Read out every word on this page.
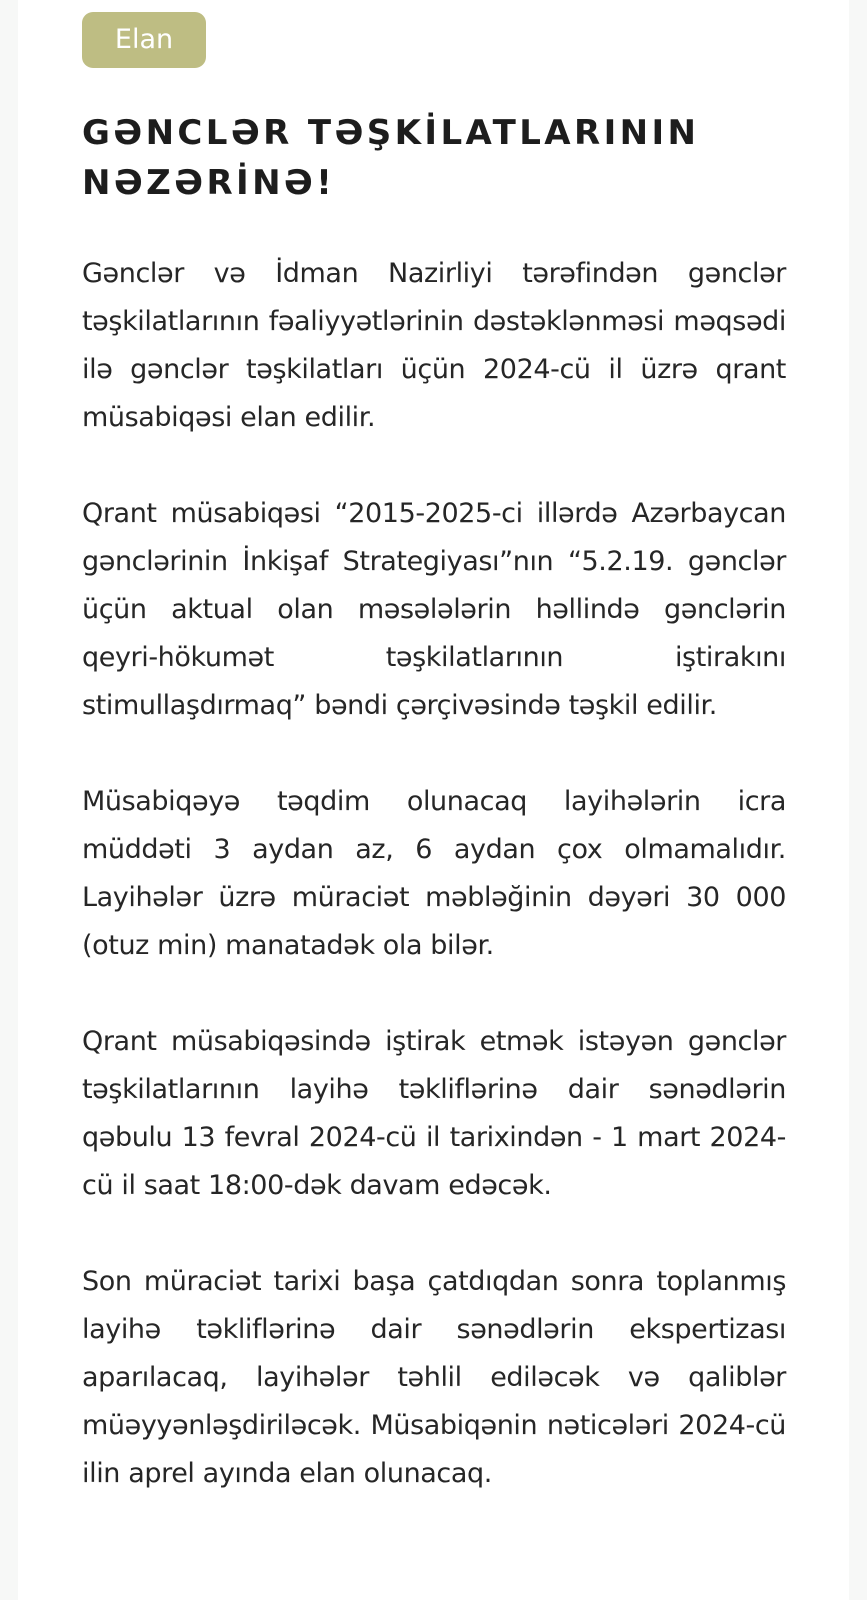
Elan
GƏNCLƏR TƏŞKİLATLARININ NƏZƏRİNƏ!

Gənclər və İdman Nazirliyi tərəfindən gənclər təşkilatlarının fəaliyyətlərinin dəstəklənməsi məqsədi ilə gənclər təşkilatları üçün 2024-cü il üzrə qrant müsabiqəsi elan edilir.

Qrant müsabiqəsi “2015-2025-ci illərdə Azərbaycan gənclərinin İnkişaf Strategiyası”nın “5.2.19. gənclər üçün aktual olan məsələlərin həllində gənclərin qeyri-hökumət təşkilatlarının iştirakını stimullaşdırmaq” bəndi çərçivəsində təşkil edilir.

Müsabiqəyə təqdim olunacaq layihələrin icra müddəti 3 aydan az, 6 aydan çox olmamalıdır. Layihələr üzrə müraciət məbləğinin dəyəri 30 000 (otuz min) manatadək ola bilər.

Qrant müsabiqəsində iştirak etmək istəyən gənclər təşkilatlarının layihə təkliflərinə dair sənədlərin qəbulu 13 fevral 2024-cü il tarixindən - 1 mart 2024-cü il saat 18:00-dək davam edəcək.

Son müraciət tarixi başa çatdıqdan sonra toplanmış layihə təkliflərinə dair sənədlərin ekspertizası aparılacaq, layihələr təhlil ediləcək və qaliblər müəyyənləşdiriləcək. Müsabiqənin nəticələri 2024-cü ilin aprel ayında elan olunacaq.
